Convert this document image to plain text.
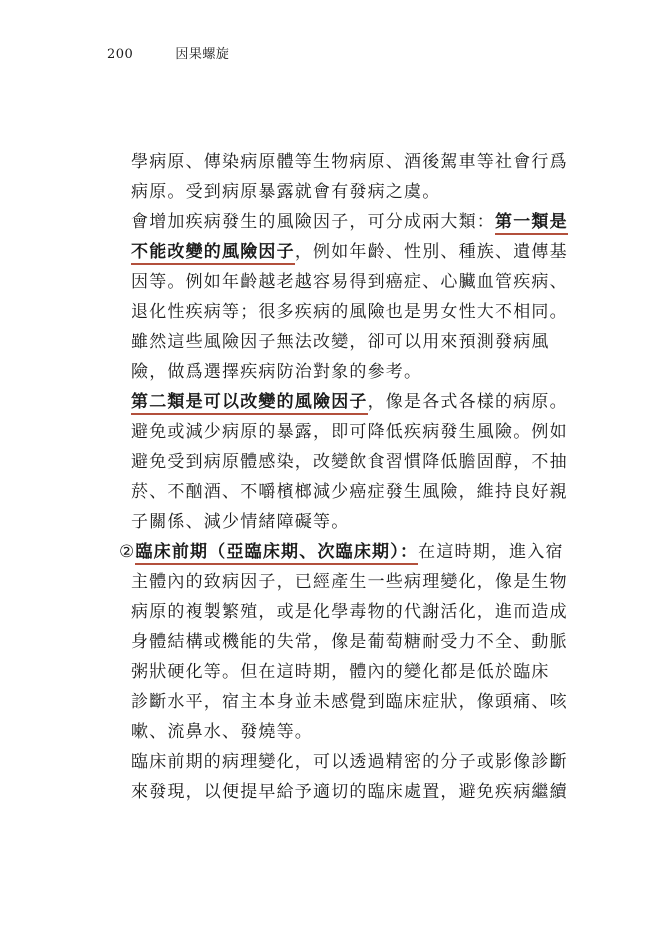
200	因果螺旋
學病原、傳染病原體等生物病原、酒後駕車等社會行爲
病原。受到病原暴露就會有發病之虞。
會增加疾病發生的風險因子，可分成兩大類：第一類是
不能改變的風險因子，例如年齡、性別、種族、遺傳基
因等。例如年齡越老越容易得到癌症、心臟血管疾病、
退化性疾病等；很多疾病的風險也是男女性大不相同。
雖然這些風險因子無法改變，卻可以用來預測發病風
險，做爲選擇疾病防治對象的參考。
第二類是可以改變的風險因子，像是各式各樣的病原。
避免或減少病原的暴露，即可降低疾病發生風險。例如
避免受到病原體感染，改變飲食習慣降低膽固醇，不抽
菸、不酗酒、不嚼檳榔減少癌症發生風險，維持良好親
子關係、減少情緒障礙等。
②臨床前期（亞臨床期、次臨床期）：在這時期，進入宿
主體內的致病因子，已經產生一些病理變化，像是生物
病原的複製繁殖，或是化學毒物的代謝活化，進而造成
身體結構或機能的失常，像是葡萄糖耐受力不全、動脈
粥狀硬化等。但在這時期，體內的變化都是低於臨床
診斷水平，宿主本身並未感覺到臨床症狀，像頭痛、咳
嗽、流鼻水、發燒等。
臨床前期的病理變化，可以透過精密的分子或影像診斷
來發現，以便提早給予適切的臨床處置，避免疾病繼續
